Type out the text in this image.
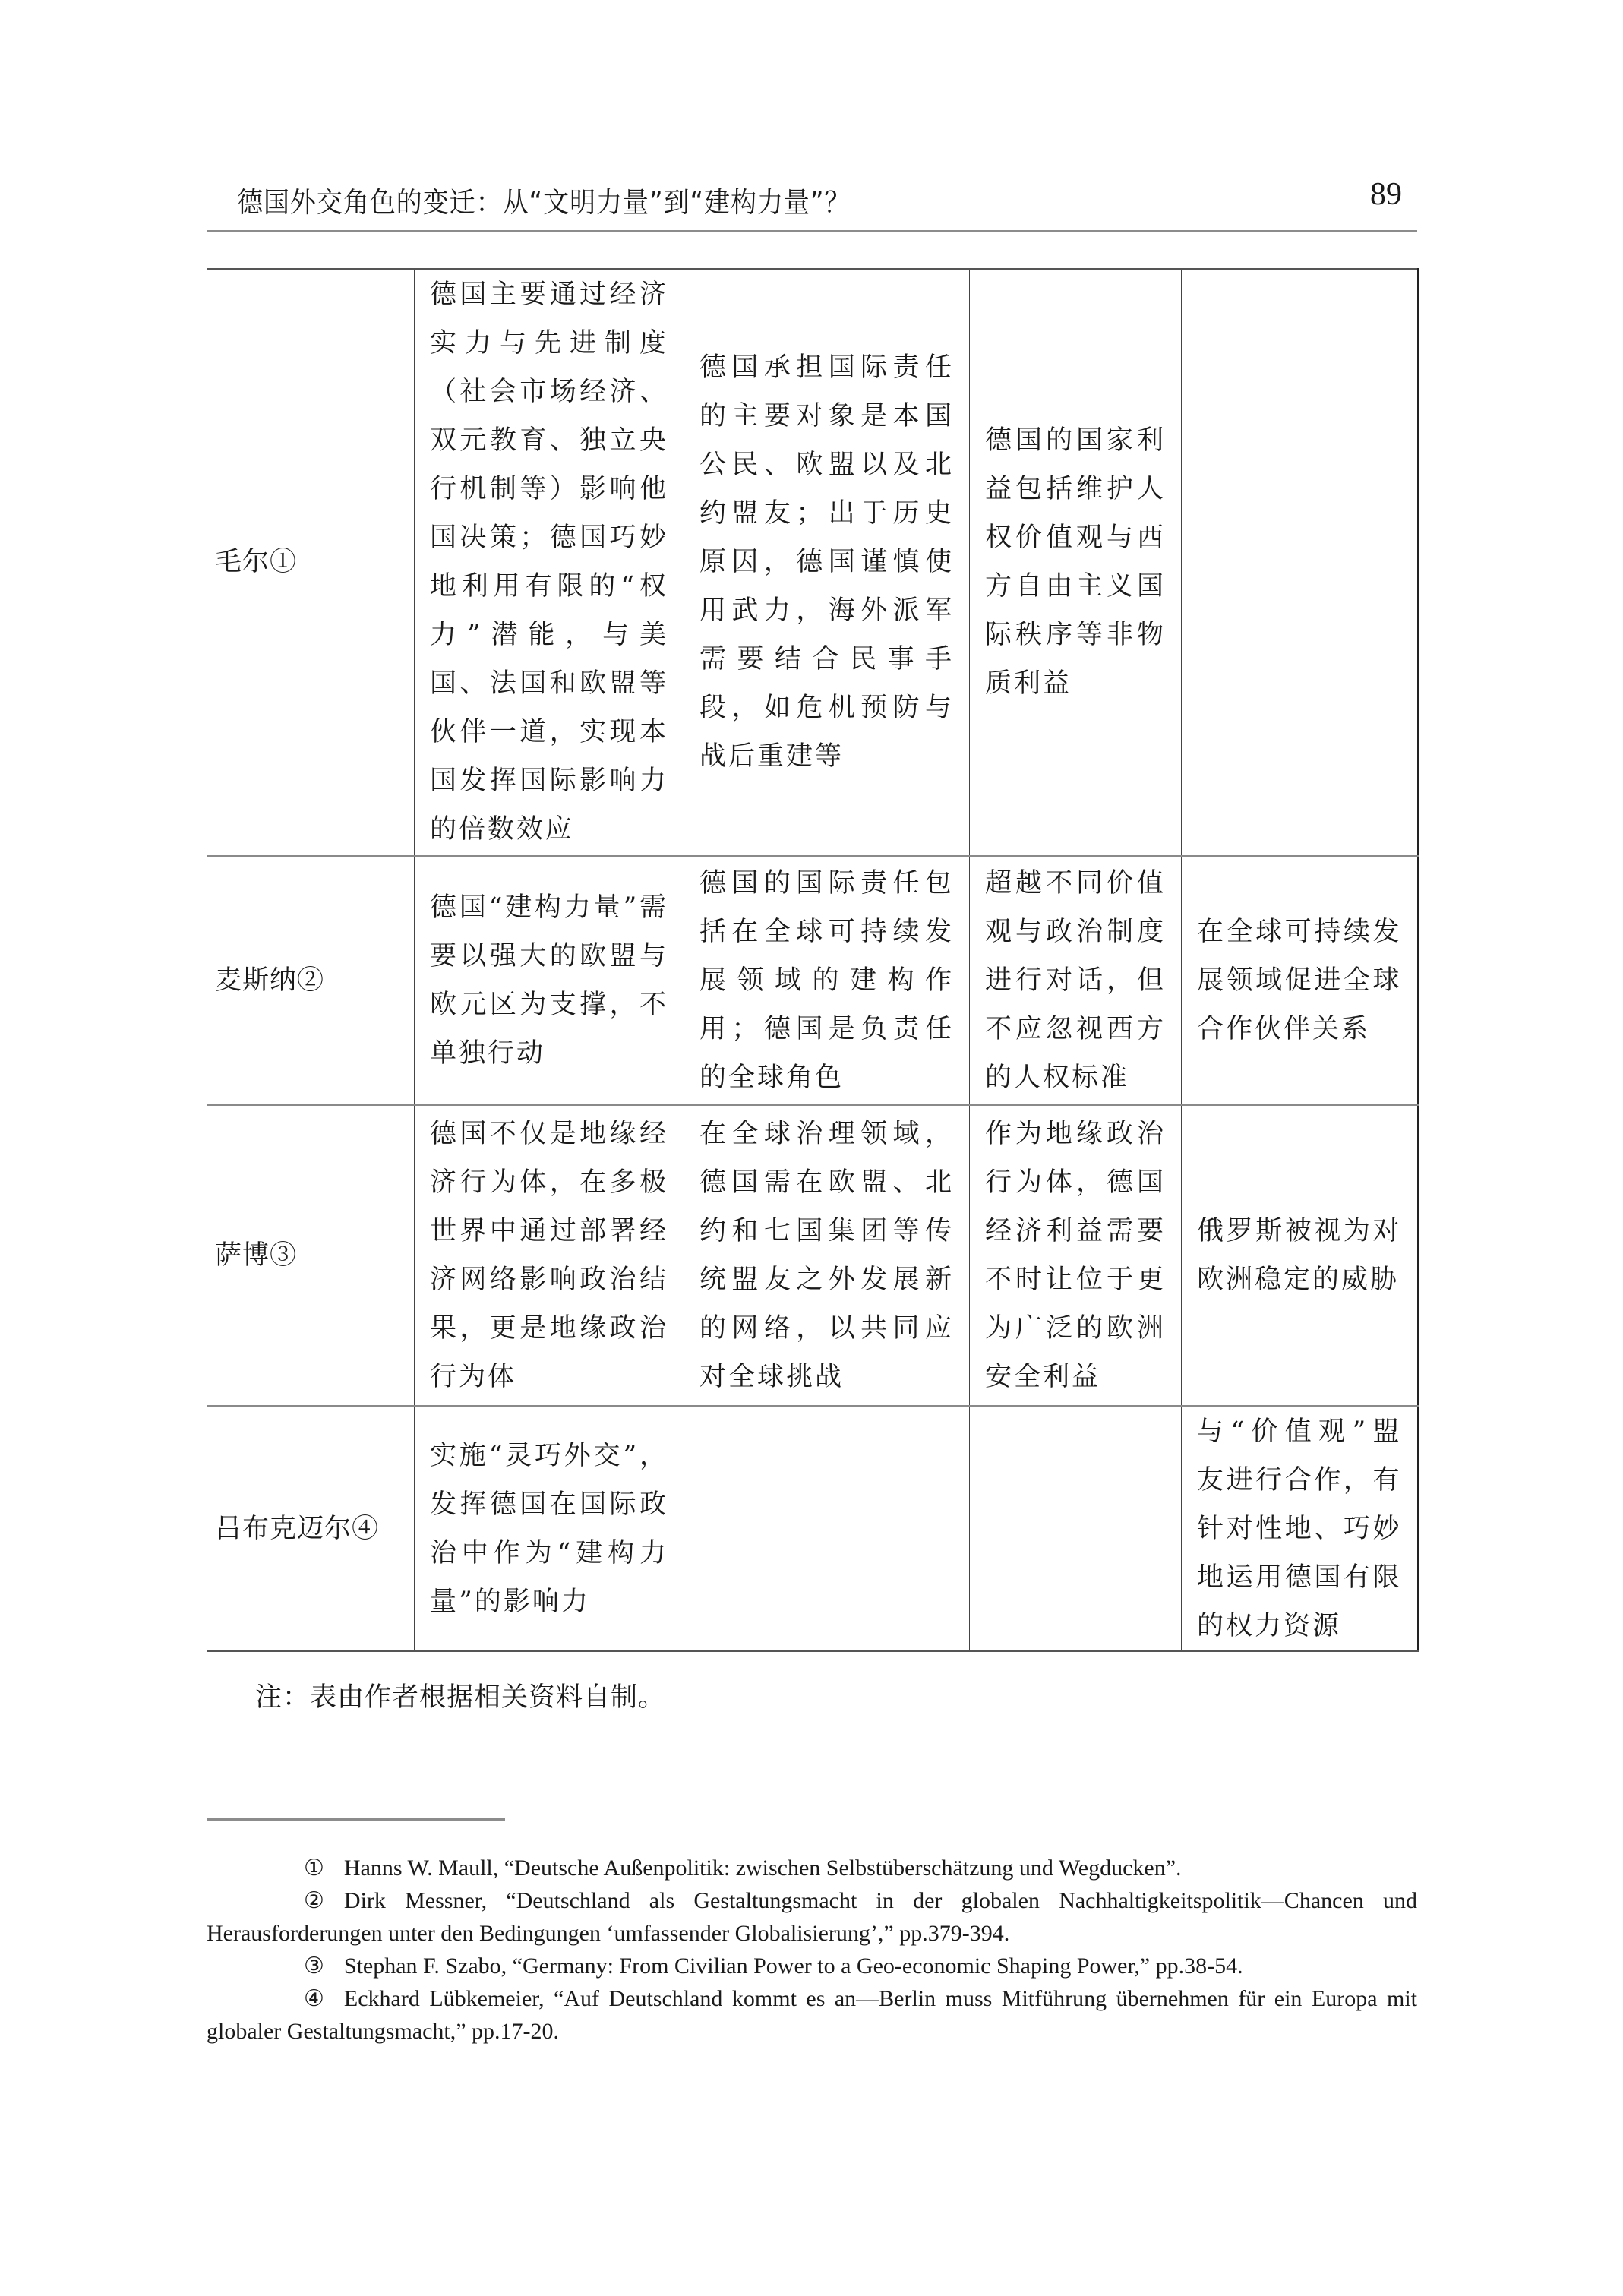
德国外交角色的变迁：从“文明力量”到“建构力量”？	89
毛尔①	德国主要通过经济实力与先进制度（社会市场经济、双元教育、独立央行机制等）影响他国决策；德国巧妙地利用有限的“权力”潜能，与美国、法国和欧盟等伙伴一道，实现本国发挥国际影响力的倍数效应	德国承担国际责任的主要对象是本国公民、欧盟以及北约盟友；出于历史原因，德国谨慎使用武力，海外派军需要结合民事手段，如危机预防与战后重建等	德国的国家利益包括维护人权价值观与西方自由主义国际秩序等非物质利益	
麦斯纳②	德国“建构力量”需要以强大的欧盟与欧元区为支撑，不单独行动	德国的国际责任包括在全球可持续发展领域的建构作用；德国是负责任的全球角色	超越不同价值观与政治制度进行对话，但不应忽视西方的人权标准	在全球可持续发展领域促进全球合作伙伴关系
萨博③	德国不仅是地缘经济行为体，在多极世界中通过部署经济网络影响政治结果，更是地缘政治行为体	在全球治理领域，德国需在欧盟、北约和七国集团等传统盟友之外发展新的网络，以共同应对全球挑战	作为地缘政治行为体，德国经济利益需要不时让位于更为广泛的欧洲安全利益	俄罗斯被视为对欧洲稳定的威胁
吕布克迈尔④	实施“灵巧外交”，发挥德国在国际政治中作为“建构力量”的影响力			与“价值观”盟友进行合作，有针对性地、巧妙地运用德国有限的权力资源
注：表由作者根据相关资料自制。

① Hanns W. Maull, “Deutsche Außenpolitik: zwischen Selbstüberschätzung und Wegducken”.

② Dirk Messner, “Deutschland als Gestaltungsmacht in der globalen Nachhaltigkeitspolitik—Chancen und Herausforderungen unter den Bedingungen ‘umfassender Globalisierung’,” pp.379-394.

③ Stephan F. Szabo, “Germany: From Civilian Power to a Geo-economic Shaping Power,” pp.38-54.

④ Eckhard Lübkemeier, “Auf Deutschland kommt es an—Berlin muss Mitführung übernehmen für ein Europa mit globaler Gestaltungsmacht,” pp.17-20.
